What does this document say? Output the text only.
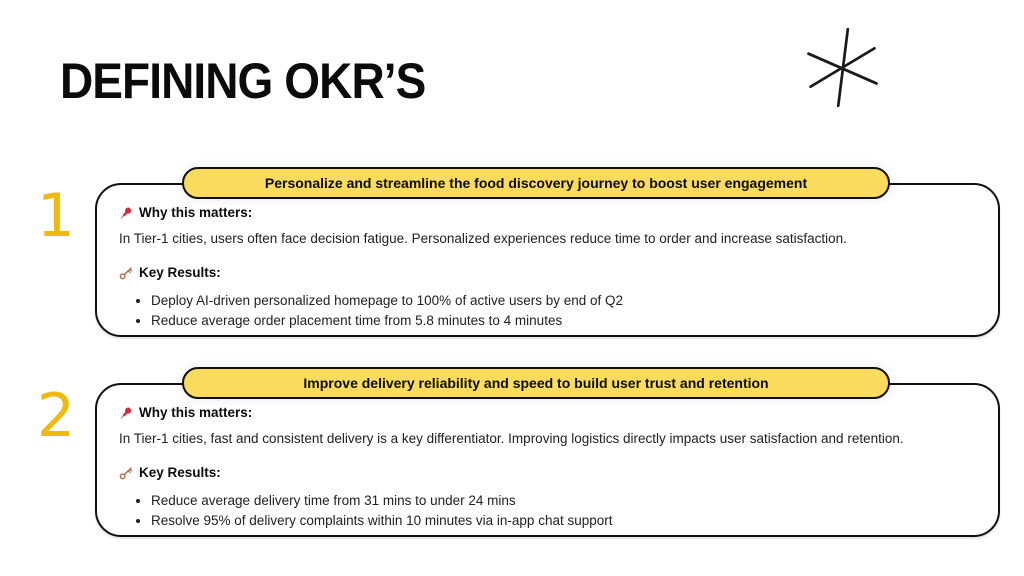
DEFINING OKR’S
1	Personalize and streamline the food discovery journey to boost user engagement
Why this matters:

In Tier-1 cities, users often face decision fatigue. Personalized experiences reduce time to order and increase satisfaction.

Key Results:
• Deploy AI-driven personalized homepage to 100% of active users by end of Q2
• Reduce average order placement time from 5.8 minutes to 4 minutes
2	Improve delivery reliability and speed to build user trust and retention
Why this matters:

In Tier-1 cities, fast and consistent delivery is a key differentiator. Improving logistics directly impacts user satisfaction and retention.

Key Results:
• Reduce average delivery time from 31 mins to under 24 mins
• Resolve 95% of delivery complaints within 10 minutes via in-app chat support
